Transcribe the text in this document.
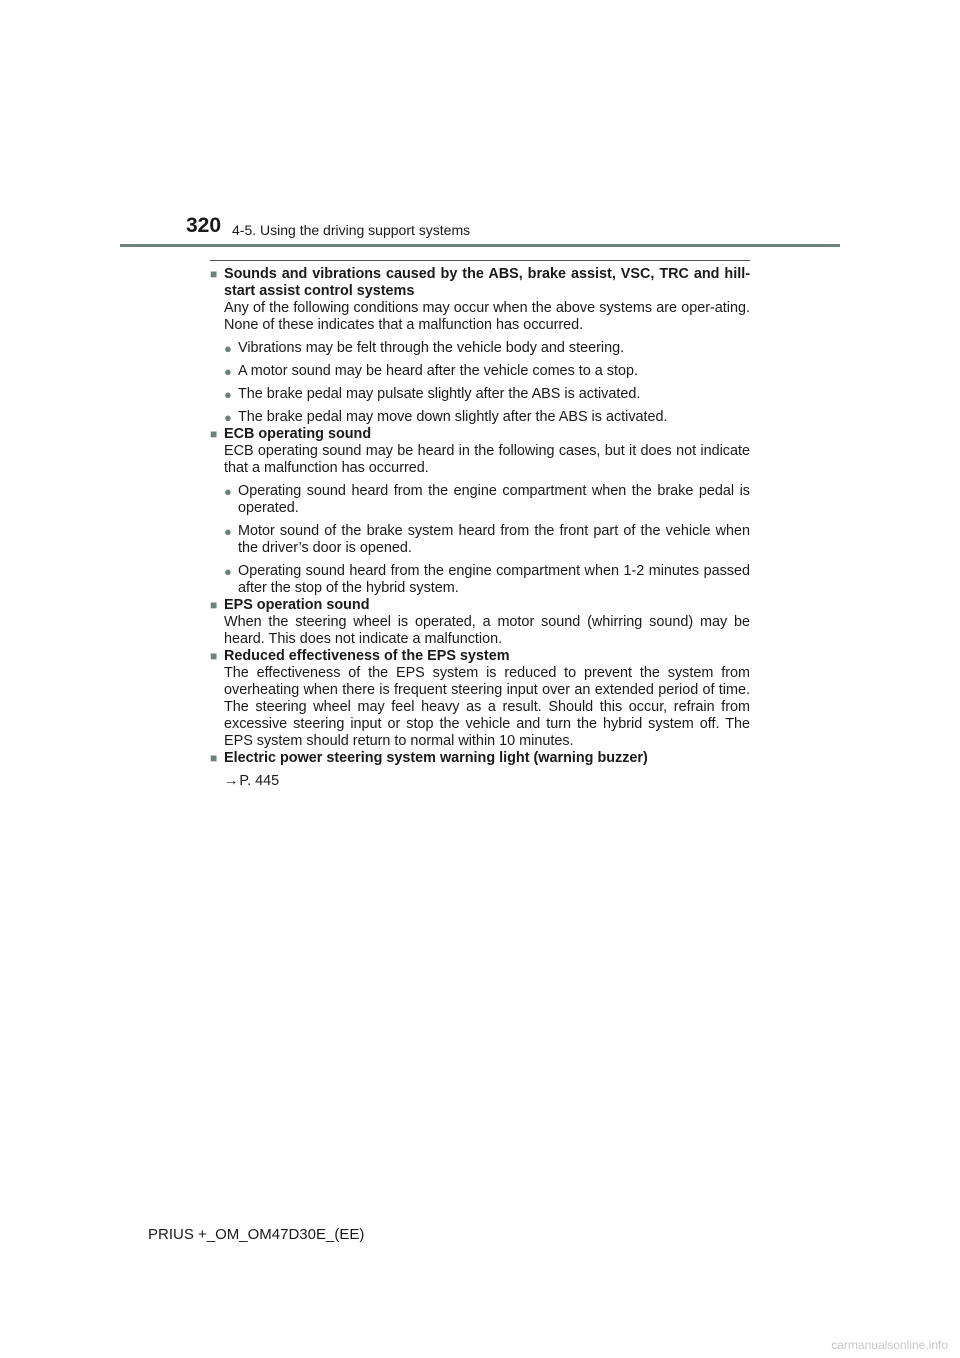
320 4-5. Using the driving support systems
■ Sounds and vibrations caused by the ABS, brake assist, VSC, TRC and hill-start assist control systems
Any of the following conditions may occur when the above systems are oper-ating. None of these indicates that a malfunction has occurred.
● Vibrations may be felt through the vehicle body and steering.
● A motor sound may be heard after the vehicle comes to a stop.
● The brake pedal may pulsate slightly after the ABS is activated.
● The brake pedal may move down slightly after the ABS is activated.
■ ECB operating sound
ECB operating sound may be heard in the following cases, but it does not indicate that a malfunction has occurred.
● Operating sound heard from the engine compartment when the brake pedal is operated.
● Motor sound of the brake system heard from the front part of the vehicle when the driver’s door is opened.
● Operating sound heard from the engine compartment when 1-2 minutes passed after the stop of the hybrid system.
■ EPS operation sound
When the steering wheel is operated, a motor sound (whirring sound) may be heard. This does not indicate a malfunction.
■ Reduced effectiveness of the EPS system
The effectiveness of the EPS system is reduced to prevent the system from overheating when there is frequent steering input over an extended period of time. The steering wheel may feel heavy as a result. Should this occur, refrain from excessive steering input or stop the vehicle and turn the hybrid system off. The EPS system should return to normal within 10 minutes.
■ Electric power steering system warning light (warning buzzer)
→P. 445
PRIUS +_OM_OM47D30E_(EE)
carmanualsonline.info
